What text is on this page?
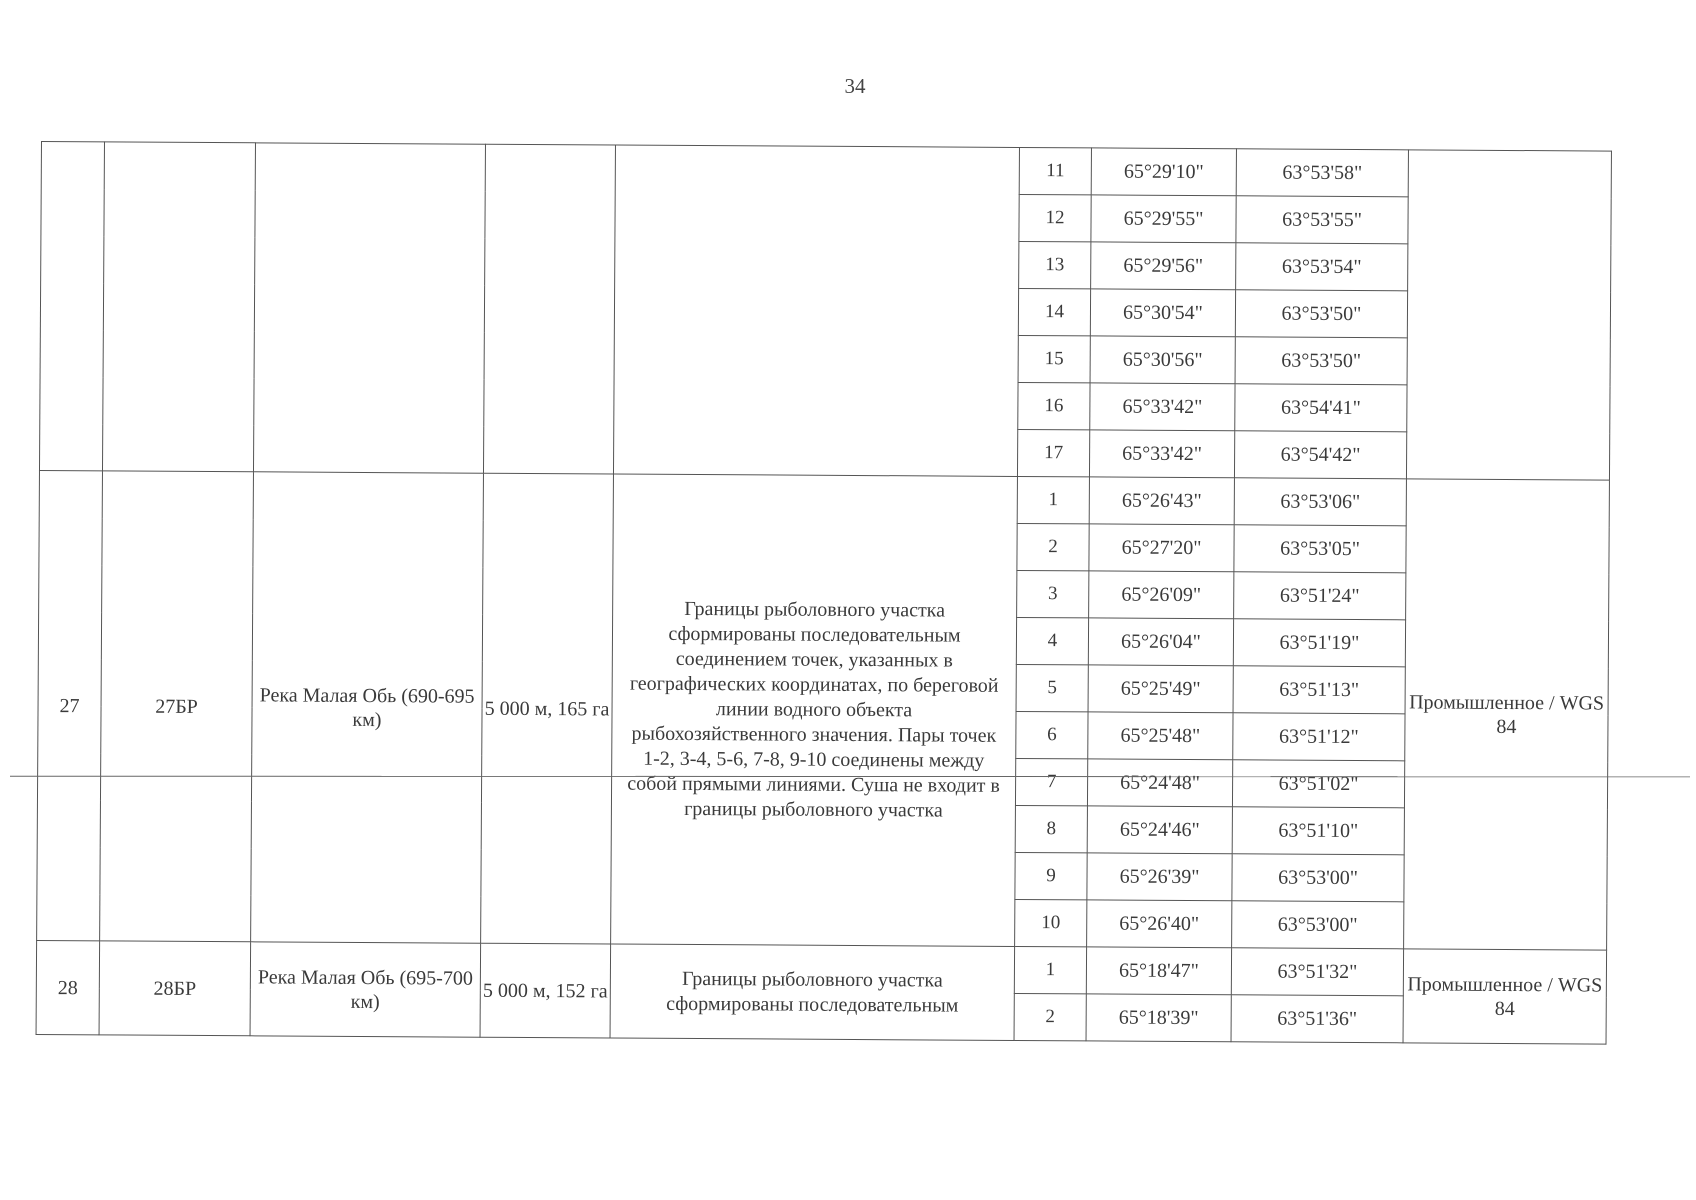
34
					11	65°29'10"	63°53'58"	
					12	65°29'55"	63°53'55"	
					13	65°29'56"	63°53'54"	
					14	65°30'54"	63°53'50"	
					15	65°30'56"	63°53'50"	
					16	65°33'42"	63°54'41"	
					17	65°33'42"	63°54'42"	
27	27БР	Река Малая Обь (690-695 км)	5 000 м, 165 га	Границы рыболовного участка сформированы последовательным соединением точек, указанных в географических координатах, по береговой линии водного объекта рыбохозяйственного значения. Пары точек 1-2, 3-4, 5-6, 7-8, 9-10 соединены между собой прямыми линиями. Суша не входит в границы рыболовного участка	1	65°26'43"	63°53'06"	Промышленное / WGS 84
					2	65°27'20"	63°53'05"	
					3	65°26'09"	63°51'24"	
					4	65°26'04"	63°51'19"	
					5	65°25'49"	63°51'13"	
					6	65°25'48"	63°51'12"	
					7	65°24'48"	63°51'02"	
					8	65°24'46"	63°51'10"	
					9	65°26'39"	63°53'00"	
					10	65°26'40"	63°53'00"	
28	28БР	Река Малая Обь (695-700 км)	5 000 м, 152 га	Границы рыболовного участка сформированы последовательным	1	65°18'47"	63°51'32"	Промышленное / WGS 84
					2	65°18'39"	63°51'36"	
